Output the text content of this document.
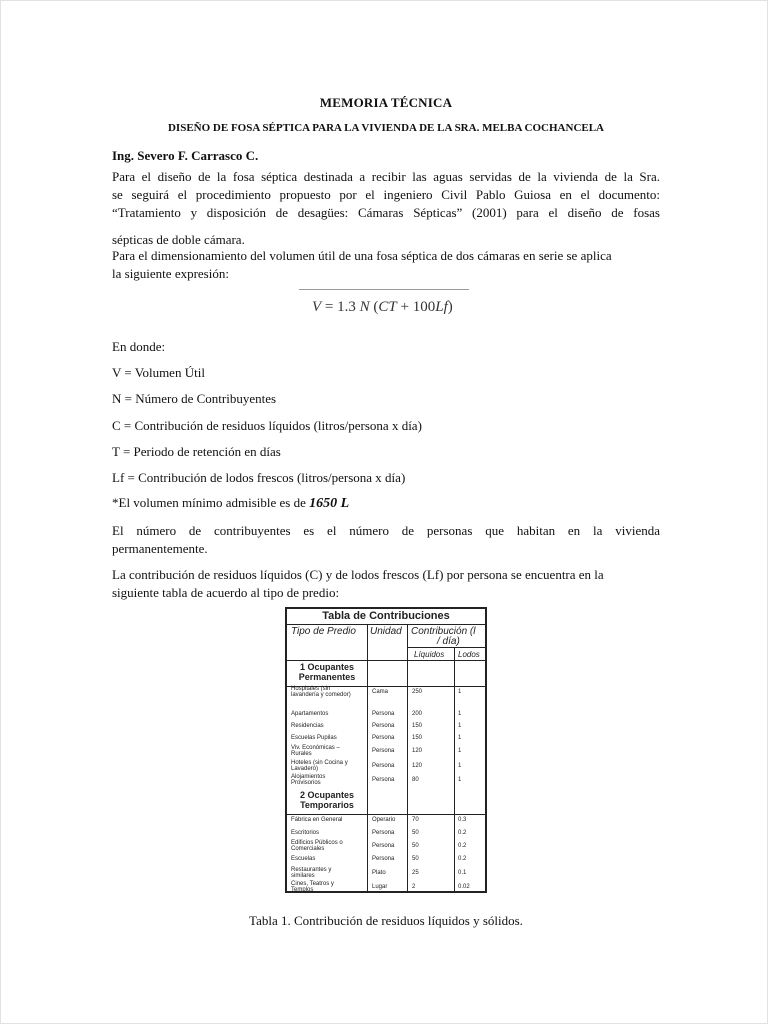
MEMORIA TÉCNICA
DISEÑO DE FOSA SÉPTICA PARA LA VIVIENDA DE LA SRA. MELBA COCHANCELA
Ing. Severo F. Carrasco C.

Para el diseño de la fosa séptica destinada a recibir las aguas servidas de la vivienda de la Sra.
se seguirá el procedimiento propuesto por el ingeniero Civil Pablo Guiosa en el documento:
“Tratamiento y disposición de desagües: Cámaras Sépticas” (2001) para el diseño de fosas

sépticas de doble cámara.

Para el dimensionamiento del volumen útil de una fosa séptica de dos cámaras en serie se aplica
la siguiente expresión:

V = 1.3 N (CT + 100Lf)
En donde:
V = Volumen Útil
N = Número de Contribuyentes
C = Contribución de residuos líquidos (litros/persona x día)
T = Periodo de retención en días
Lf = Contribución de lodos frescos (litros/persona x día)
*El volumen mínimo admisible es de 1650 L

El número de contribuyentes es el número de personas que habitan en la vivienda

permanentemente.

La contribución de residuos líquidos (C) y de lodos frescos (Lf) por persona se encuentra en la
siguiente tabla de acuerdo al tipo de predio:

Tabla 1. Contribución de residuos líquidos y sólidos.
Tabla de Contribuciones
Tipo de Predio Unidad Contribución (l
/ día)
Líquidos Lodos
1 Ocupantes
Permanentes
Hospitales (sin
lavandería y comedor)	Cama	250	1
Apartamentos	Persona	200	1
Residencias	Persona	150	1
Escuelas Pupilas	Persona	150	1
Viv. Económicas –
Rurales	Persona	120	1
Hoteles (sin Cocina y
Lavadero)	Persona	120	1
Alojamientos
Provisorios	Persona	80	1
2 Ocupantes
Temporarios
Fábrica en General	Operario	70	0.3
Escritorios	Persona	50	0.2
Edificios Públicos o
Comerciales	Persona	50	0.2
Escuelas	Persona	50	0.2
Restaurantes y
similares	Plato	25	0.1
Cines, Teatros y
Templos	Lugar	2	0.02
